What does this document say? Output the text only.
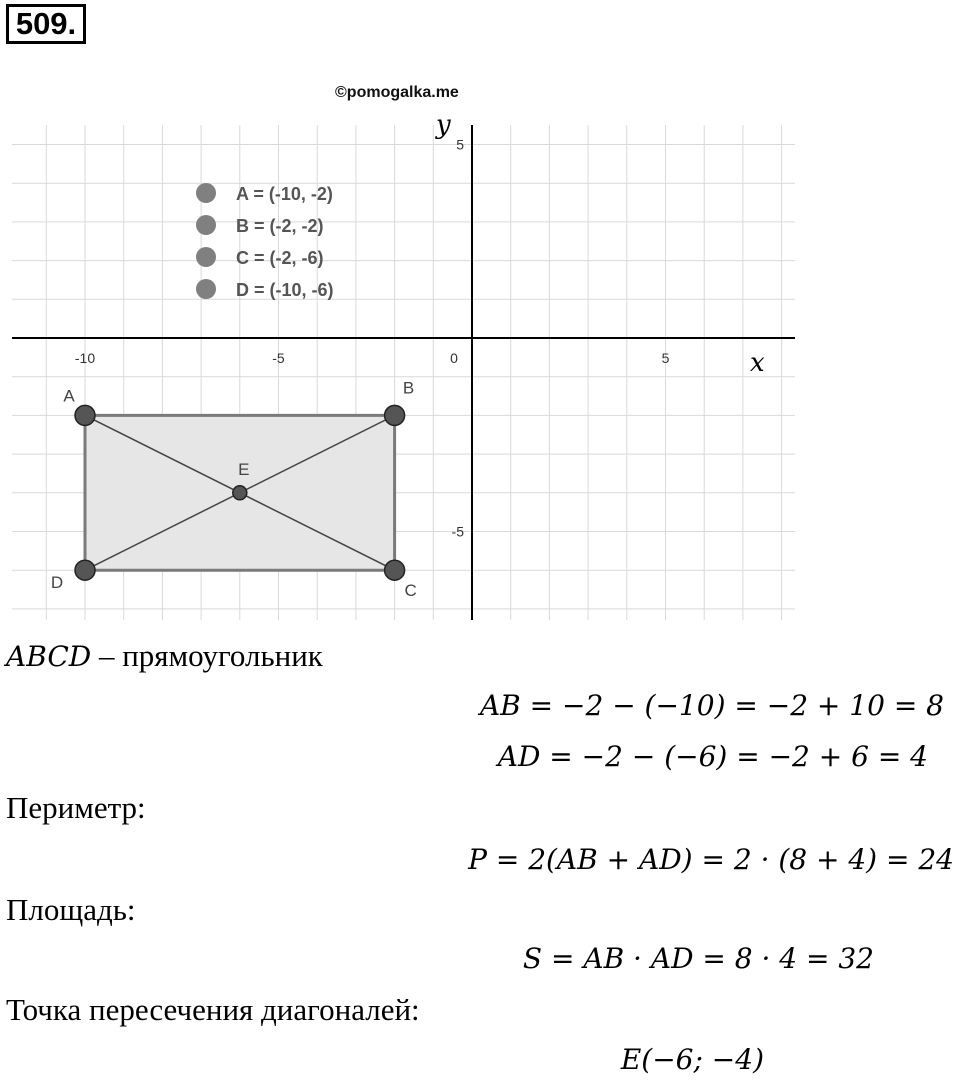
509.
©pomogalka.me
x
y
-10	-5	0	5
5
-5
A	B
C
D
E
A = (-10, -2)
B = (-2, -2)
C = (-2, -6)
D = (-10, -6)
ABCD – прямоугольник
AB = −2 − (−10) = −2 + 10 = 8
AD = −2 − (−6) = −2 + 6 = 4
Периметр:
P = 2(AB + AD) = 2 · (8 + 4) = 24
Площадь:
S = AB · AD = 8 · 4 = 32
Точка пересечения диагоналей:
E(−6; −4)
